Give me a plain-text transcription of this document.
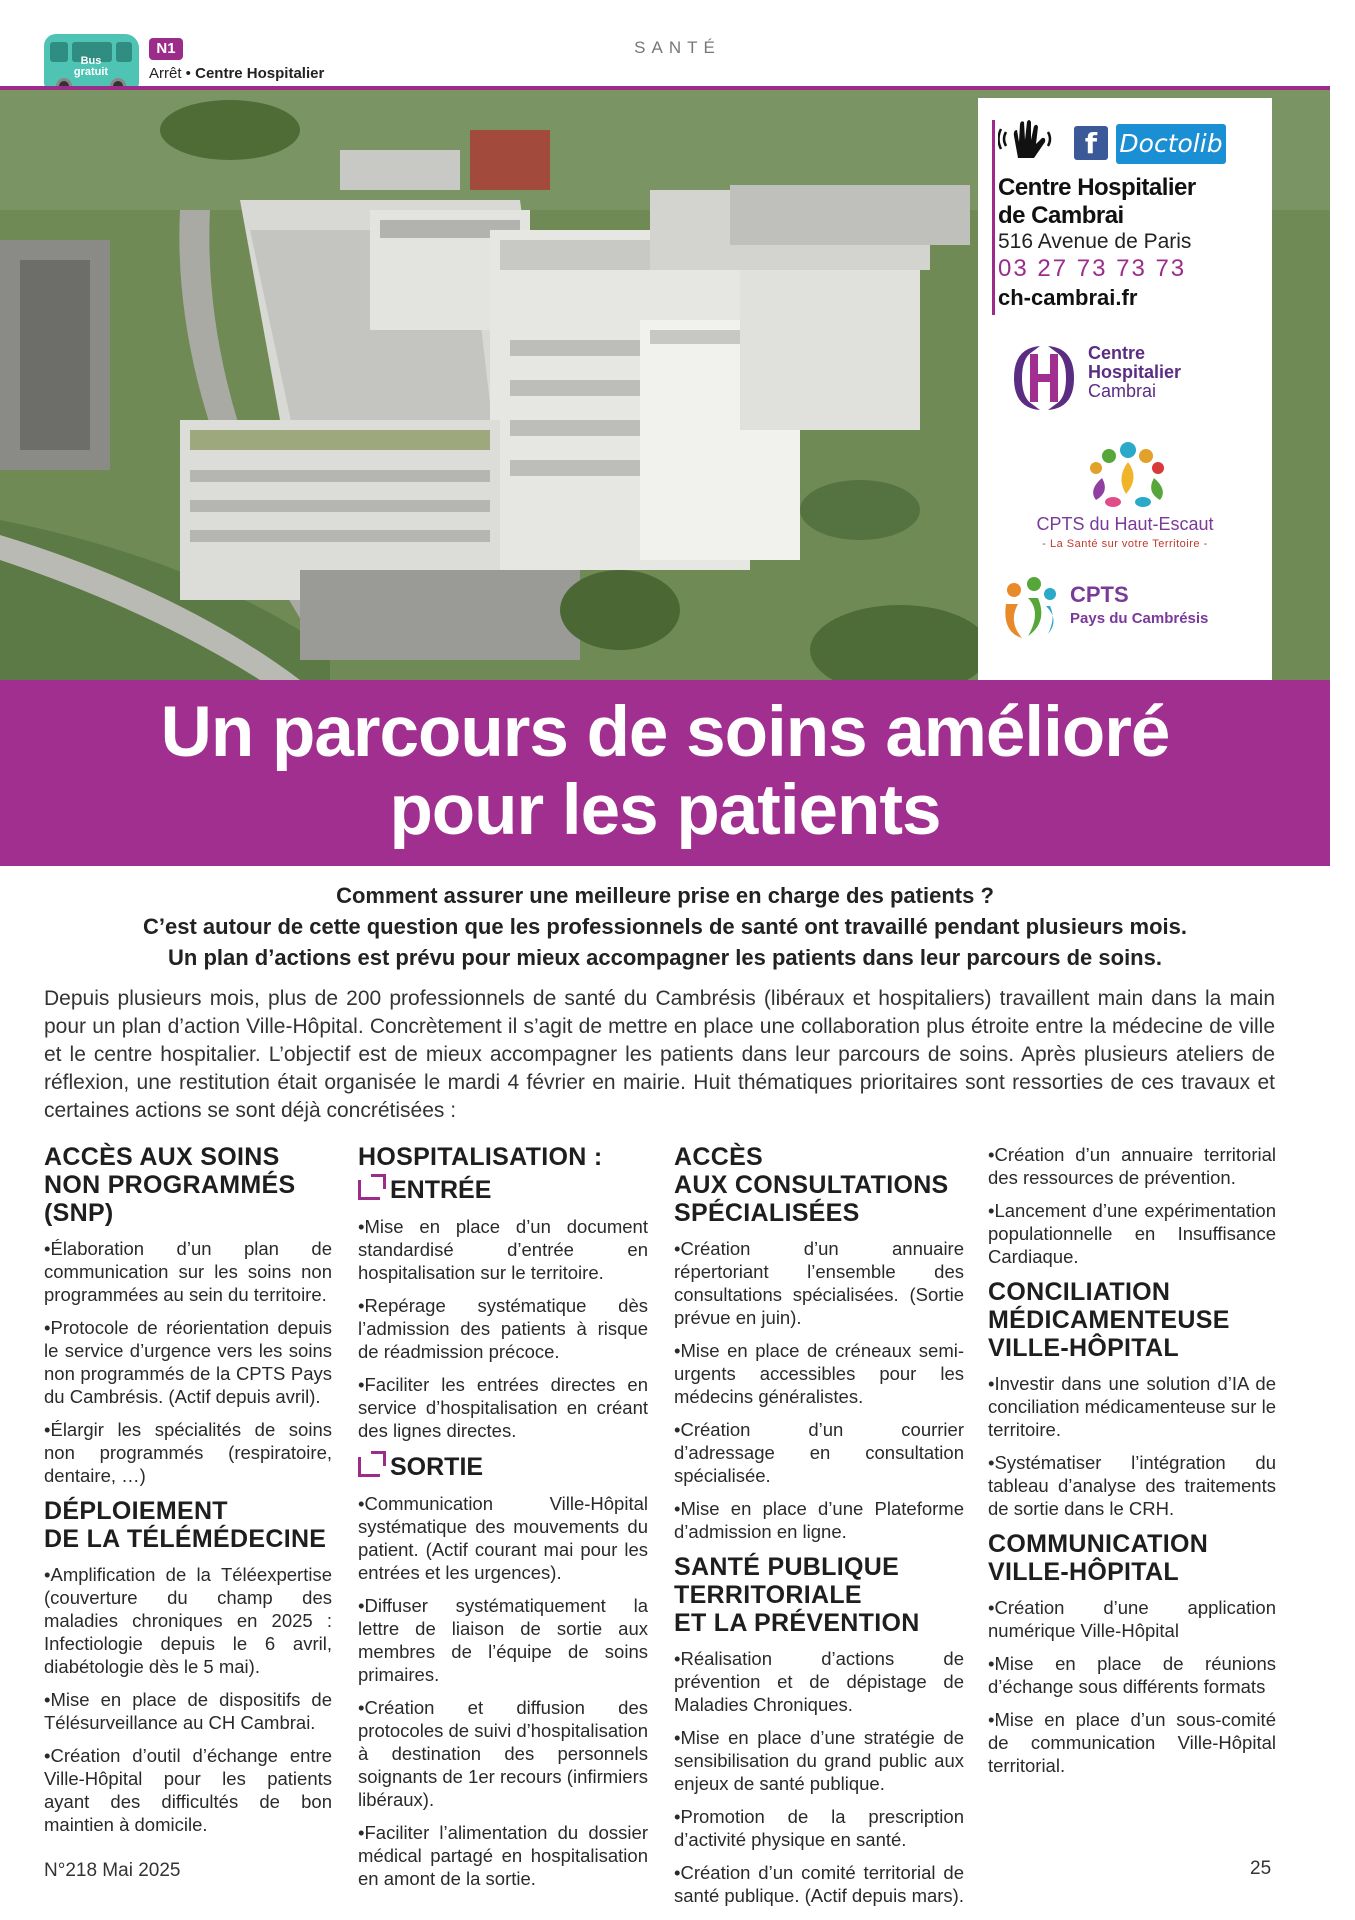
Bus gratuit
N1
Arrêt • Centre Hospitalier
SANTÉ
f Doctolib
Centre Hospitalier
de Cambrai
516 Avenue de Paris
03 27 73 73 73
ch-cambrai.fr
Centre
Hospitalier
Cambrai
CPTS du Haut-Escaut
- La Santé sur votre Territoire -
CPTS
Pays du Cambrésis
Un parcours de soins amélioré
pour les patients
Comment assurer une meilleure prise en charge des patients ?
C’est autour de cette question que les professionnels de santé ont travaillé pendant plusieurs mois.
Un plan d’actions est prévu pour mieux accompagner les patients dans leur parcours de soins.
Depuis plusieurs mois, plus de 200 professionnels de santé du Cambrésis (libéraux et hospitaliers) travaillent main dans la main pour un plan d’action Ville-Hôpital. Concrètement il s’agit de mettre en place une collaboration plus étroite entre la médecine de ville et le centre hospitalier. L’objectif est de mieux accompagner les patients dans leur parcours de soins. Après plusieurs ateliers de réflexion, une restitution était organisée le mardi 4 février en mairie. Huit thématiques prioritaires sont ressorties de ces travaux et certaines actions se sont déjà concrétisées :
ACCÈS AUX SOINS
NON PROGRAMMÉS
(SNP)
• Élaboration d’un plan de communication sur les soins non programmées au sein du territoire.
• Protocole de réorientation depuis le service d’urgence vers les soins non programmés de la CPTS Pays du Cambrésis. (Actif depuis avril).
• Élargir les spécialités de soins non programmés (respiratoire, dentaire, …)
DÉPLOIEMENT
DE LA TÉLÉMÉDECINE
• Amplification de la Téléexpertise (couverture du champ des maladies chroniques en 2025 : Infectiologie depuis le 6 avril, diabétologie dès le 5 mai).
• Mise en place de dispositifs de Télésurveillance au CH Cambrai.
• Création d’outil d’échange entre Ville-Hôpital pour les patients ayant des difficultés de bon maintien à domicile.
HOSPITALISATION :
ENTRÉE
• Mise en place d’un document standardisé d’entrée en hospitalisation sur le territoire.
• Repérage systématique dès l’admission des patients à risque de réadmission précoce.
• Faciliter les entrées directes en service d’hospitalisation en créant des lignes directes.
SORTIE
• Communication Ville-Hôpital systématique des mouvements du patient. (Actif courant mai pour les entrées et les urgences).
• Diffuser systématiquement la lettre de liaison de sortie aux membres de l’équipe de soins primaires.
• Création et diffusion des protocoles de suivi d’hospitalisation à destination des personnels soignants de 1er recours (infirmiers libéraux).
• Faciliter l’alimentation du dossier médical partagé en hospitalisation en amont de la sortie.
ACCÈS
AUX CONSULTATIONS
SPÉCIALISÉES
• Création d’un annuaire répertoriant l’ensemble des consultations spécialisées. (Sortie prévue en juin).
• Mise en place de créneaux semi-urgents accessibles pour les médecins généralistes.
• Création d’un courrier d’adressage en consultation spécialisée.
• Mise en place d’une Plateforme d’admission en ligne.
SANTÉ PUBLIQUE
TERRITORIALE
ET LA PRÉVENTION
• Réalisation d’actions de prévention et de dépistage de Maladies Chroniques.
• Mise en place d’une stratégie de sensibilisation du grand public aux enjeux de santé publique.
• Promotion de la prescription d’activité physique en santé.
• Création d’un comité territorial de santé publique. (Actif depuis mars).
• Création d’un annuaire territorial des ressources de prévention.
• Lancement d’une expérimentation populationnelle en Insuffisance Cardiaque.
CONCILIATION
MÉDICAMENTEUSE
VILLE-HÔPITAL
• Investir dans une solution d’IA de conciliation médicamenteuse sur le territoire.
• Systématiser l’intégration du tableau d’analyse des traitements de sortie dans le CRH.
COMMUNICATION
VILLE-HÔPITAL
• Création d’une application numérique Ville-Hôpital
• Mise en place de réunions d’échange sous différents formats
• Mise en place d’un sous-comité de communication Ville-Hôpital territorial.
N°218 Mai 2025	25
